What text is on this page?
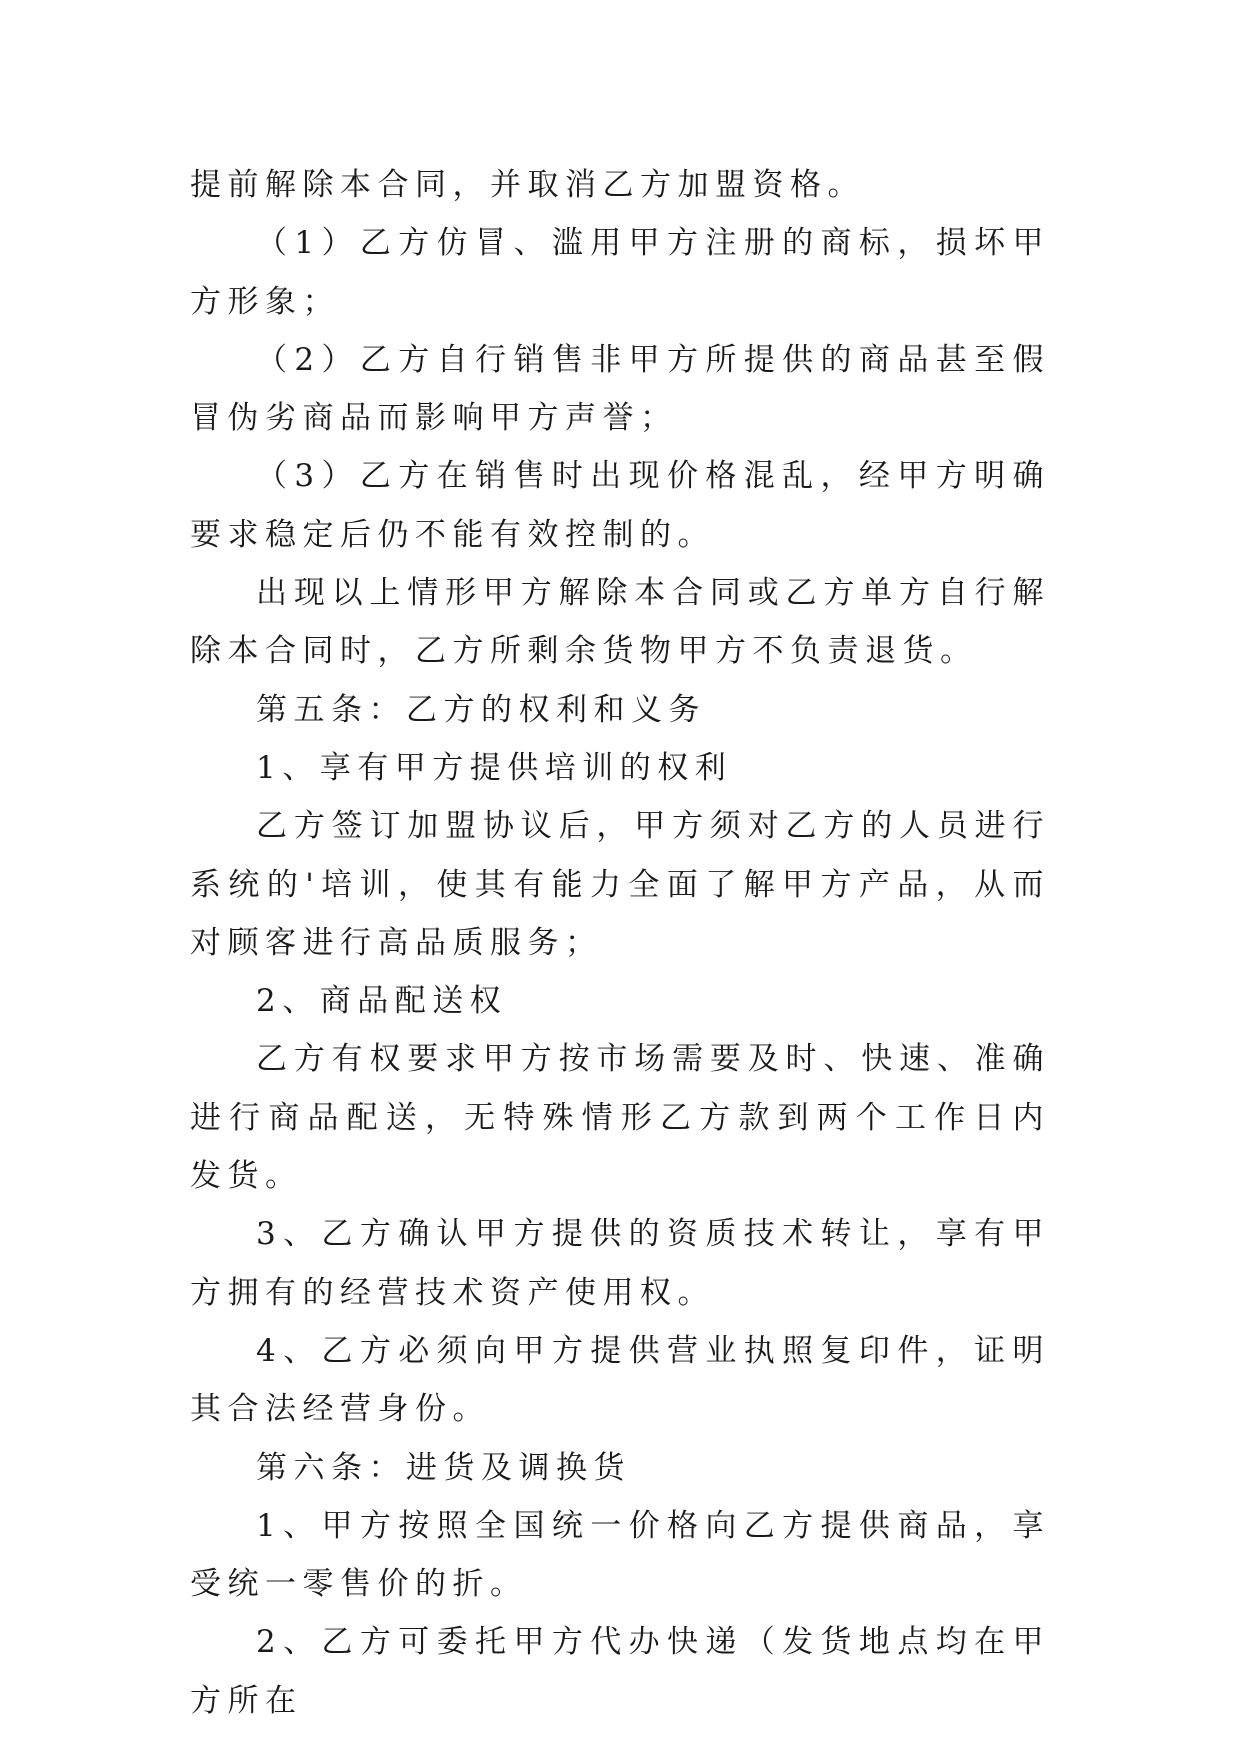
提前解除本合同，并取消乙方加盟资格。

（1）乙方仿冒、滥用甲方注册的商标，损坏甲方形象；

（2）乙方自行销售非甲方所提供的商品甚至假冒伪劣商品而影响甲方声誉；

（3）乙方在销售时出现价格混乱，经甲方明确要求稳定后仍不能有效控制的。

出现以上情形甲方解除本合同或乙方单方自行解除本合同时，乙方所剩余货物甲方不负责退货。

第五条：乙方的权利和义务

1、享有甲方提供培训的权利

乙方签订加盟协议后，甲方须对乙方的人员进行系统的'培训，使其有能力全面了解甲方产品，从而对顾客进行高品质服务；

2、商品配送权

乙方有权要求甲方按市场需要及时、快速、准确进行商品配送，无特殊情形乙方款到两个工作日内发货。

3、乙方确认甲方提供的资质技术转让，享有甲方拥有的经营技术资产使用权。

4、乙方必须向甲方提供营业执照复印件，证明其合法经营身份。

第六条：进货及调换货

1、甲方按照全国统一价格向乙方提供商品，享受统一零售价的折。

2、乙方可委托甲方代办快递（发货地点均在甲方所在
